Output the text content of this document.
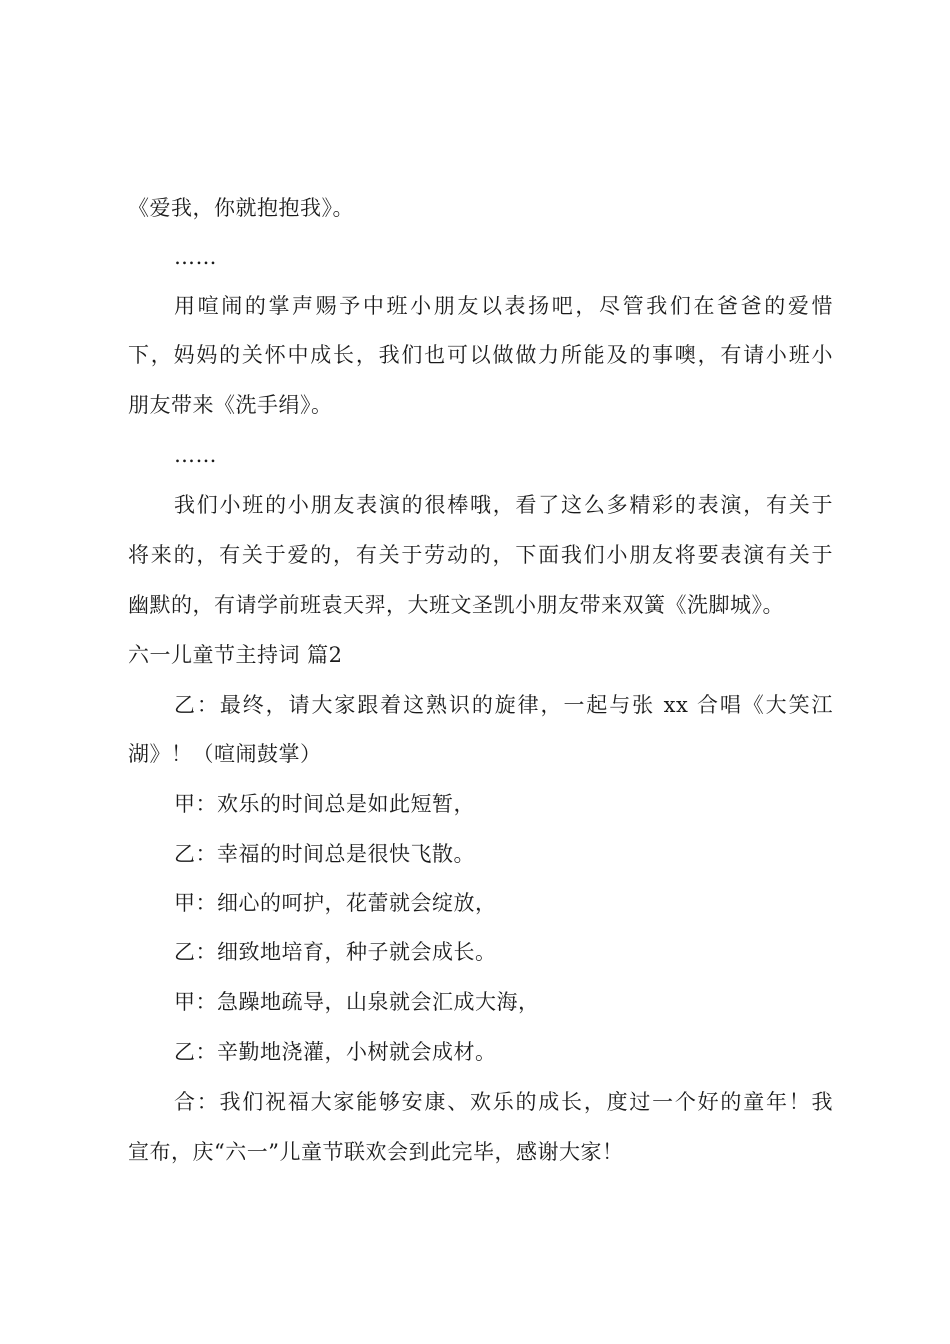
《爱我，你就抱抱我》。
……
用喧闹的掌声赐予中班小朋友以表扬吧，尽管我们在爸爸的爱惜
下，妈妈的关怀中成长，我们也可以做做力所能及的事噢，有请小班小
朋友带来《洗手绢》。
……
我们小班的小朋友表演的很棒哦，看了这么多精彩的表演，有关于
将来的，有关于爱的，有关于劳动的，下面我们小朋友将要表演有关于
幽默的，有请学前班袁天羿，大班文圣凯小朋友带来双簧《洗脚城》。
六一儿童节主持词 篇2
乙：最终，请大家跟着这熟识的旋律，一起与张 xx 合唱《大笑江
湖》！（喧闹鼓掌）
甲：欢乐的时间总是如此短暂，
乙：幸福的时间总是很快飞散。
甲：细心的呵护，花蕾就会绽放，
乙：细致地培育，种子就会成长。
甲：急躁地疏导，山泉就会汇成大海，
乙：辛勤地浇灌，小树就会成材。
合：我们祝福大家能够安康、欢乐的成长，度过一个好的童年！我
宣布，庆“六一”儿童节联欢会到此完毕，感谢大家！
